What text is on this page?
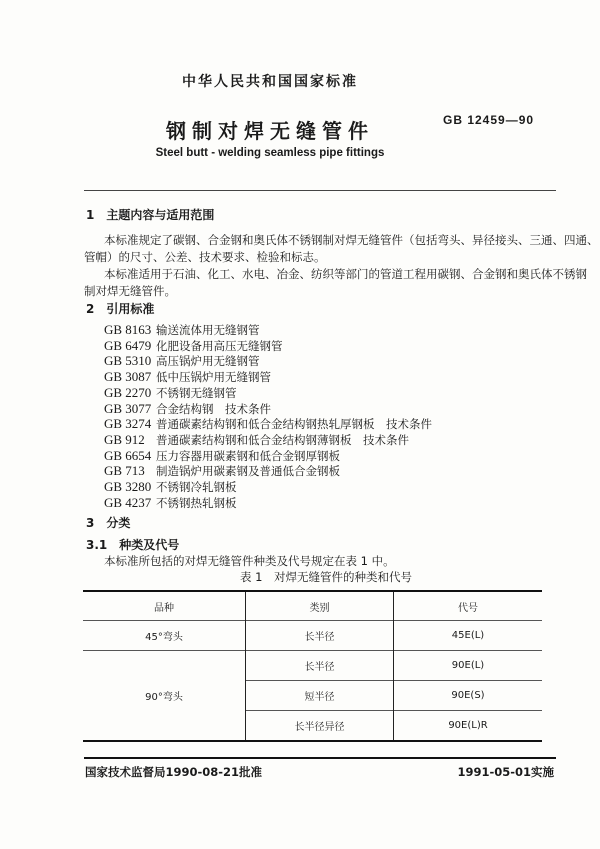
中华人民共和国国家标准
钢制对焊无缝管件	GB 12459—90
Steel butt - welding seamless pipe fittings
1　主题内容与适用范围
本标准规定了碳钢、合金钢和奥氏体不锈钢制对焊无缝管件（包括弯头、异径接头、三通、四通、
管帽）的尺寸、公差、技术要求、检验和标志。
本标准适用于石油、化工、水电、冶金、纺织等部门的管道工程用碳钢、合金钢和奥氏体不锈钢
制对焊无缝管件。
2　引用标准
GB 8163 输送流体用无缝钢管
GB 6479 化肥设备用高压无缝钢管
GB 5310 高压锅炉用无缝钢管
GB 3087 低中压锅炉用无缝钢管
GB 2270 不锈钢无缝钢管
GB 3077 合金结构钢　技术条件
GB 3274 普通碳素结构钢和低合金结构钢热轧厚钢板　技术条件
GB 912 普通碳素结构钢和低合金结构钢薄钢板　技术条件
GB 6654 压力容器用碳素钢和低合金钢厚钢板
GB 713 制造锅炉用碳素钢及普通低合金钢板
GB 3280 不锈钢冷轧钢板
GB 4237 不锈钢热轧钢板
3　分类
3.1　种类及代号
本标准所包括的对焊无缝管件种类及代号规定在表 1 中。
表 1　对焊无缝管件的种类和代号
品种	类别	代号
45°弯头	长半径	45E(L)
90°弯头	长半径	90E(L)
	短半径	90E(S)
	长半径异径	90E(L)R
国家技术监督局1990-08-21批准	1991-05-01实施
